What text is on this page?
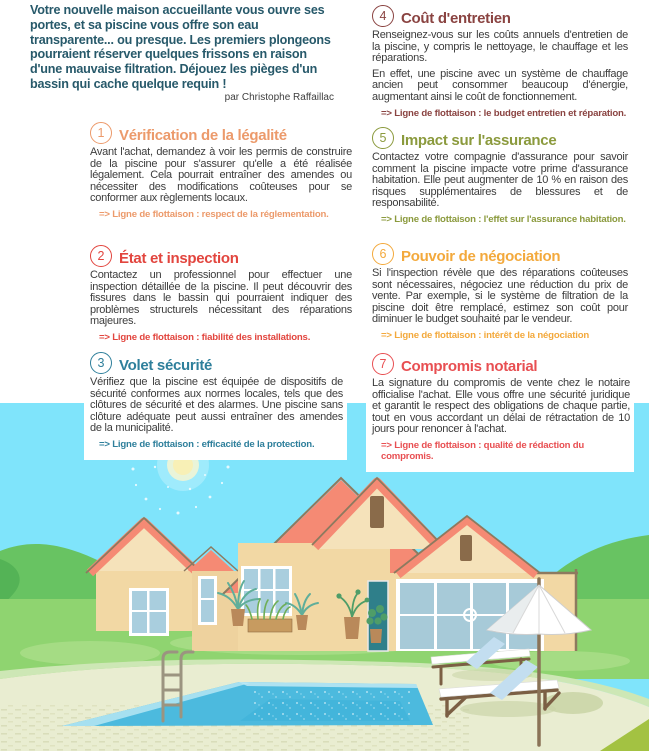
Votre nouvelle maison accueillante vous ouvre ses portes, et sa piscine vous offre son eau transparente... ou presque. Les premiers plongeons pourraient réserver quelques frissons en raison d'une mauvaise filtration. Déjouez les pièges d'un bassin qui cache quelque requin !
par Christophe Raffaillac
1 Vérification de la légalité

Avant l'achat, demandez à voir les permis de construire de la piscine pour s'assurer qu'elle a été réalisée légalement. Cela pourrait entraîner des amendes ou nécessiter des modifications coûteuses pour se conformer aux règlements locaux.

=> Ligne de flottaison : respect de la réglementation.
2 État et inspection

Contactez un professionnel pour effectuer une inspection détaillée de la piscine. Il peut découvrir des fissures dans le bassin qui pourraient indiquer des problèmes structurels nécessitant des réparations majeures.

=> Ligne de flottaison : fiabilité des installations.
3 Volet sécurité

Vérifiez que la piscine est équipée de dispositifs de sécurité conformes aux normes locales, tels que des clôtures de sécurité et des alarmes. Une piscine sans clôture adéquate peut aussi entraîner des amendes de la municipalité.

=> Ligne de flottaison : efficacité de la protection.
4 Coût d'entretien

Renseignez-vous sur les coûts annuels d'entretien de la piscine, y compris le nettoyage, le chauffage et les réparations.

En effet, une piscine avec un système de chauffage ancien peut consommer beaucoup d'énergie, augmentant ainsi le coût de fonctionnement.

=> Ligne de flottaison : le budget entretien et réparation.
5 Impact sur l'assurance

Contactez votre compagnie d'assurance pour savoir comment la piscine impacte votre prime d'assurance habitation. Elle peut augmenter de 10 % en raison des risques supplémentaires de blessures et de responsabilité.

=> Ligne de flottaison : l'effet sur l'assurance habitation.
6 Pouvoir de négociation

Si l'inspection révèle que des réparations coûteuses sont nécessaires, négociez une réduction du prix de vente. Par exemple, si le système de filtration de la piscine doit être remplacé, estimez son coût pour diminuer le budget souhaité par le vendeur.

=> Ligne de flottaison : intérêt de la négociation
7 Compromis notarial

La signature du compromis de vente chez le notaire officialise l'achat. Elle vous offre une sécurité juridique et garantit le respect des obligations de chaque partie, tout en vous accordant un délai de rétractation de 10 jours pour renoncer à l'achat.

=> Ligne de flottaison : qualité de rédaction du compromis.
